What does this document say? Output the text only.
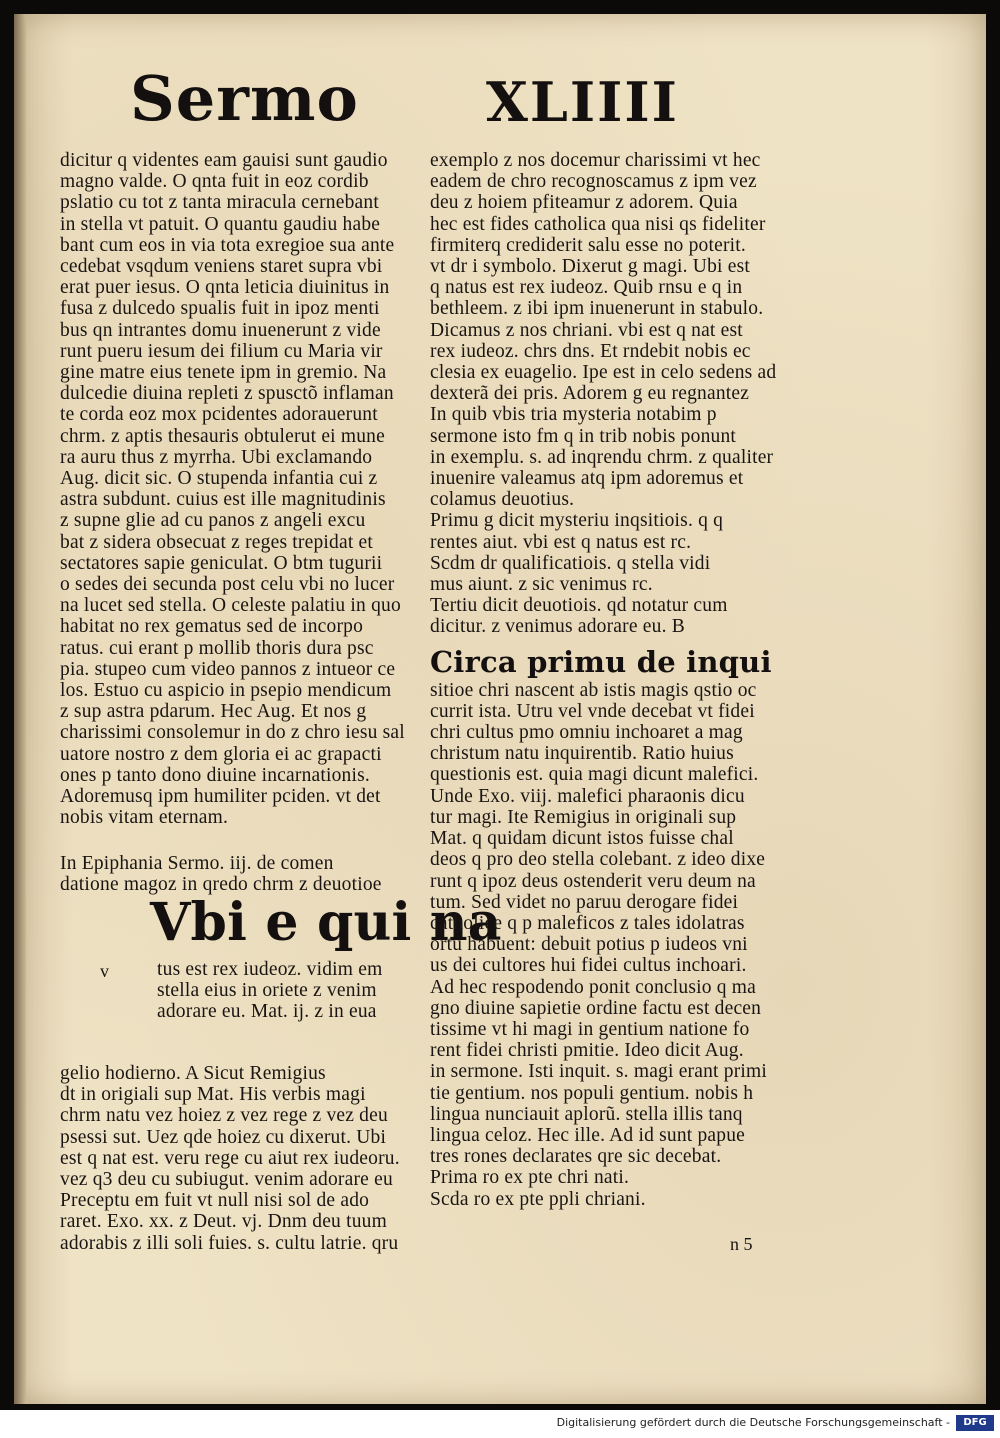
Sermo XLIIII
dicitur q videntes eam gauisi sunt gaudio
magno valde. O qnta fuit in eoz cordib
pslatio cu tot z tanta miracula cernebant
in stella vt patuit. O quantu gaudiu habe
bant cum eos in via tota exregioe sua ante
cedebat vsqdum veniens staret supra vbi
erat puer iesus. O qnta leticia diuinitus in
fusa z dulcedo spualis fuit in ipoz menti
bus qn intrantes domu inuenerunt z vide
runt pueru iesum dei filium cu Maria vir
gine matre eius tenete ipm in gremio. Na
dulcedie diuina repleti z spusctõ inflaman
te corda eoz mox pcidentes adorauerunt
chrm. z aptis thesauris obtulerut ei mune
ra auru thus z myrrha. Ubi exclamando
Aug. dicit sic. O stupenda infantia cui z
astra subdunt. cuius est ille magnitudinis
z supne glie ad cu panos z angeli excu
bat z sidera obsecuat z reges trepidat et
sectatores sapie geniculat. O btm tugurii
o sedes dei secunda post celu vbi no lucer
na lucet sed stella. O celeste palatiu in quo
habitat no rex gematus sed de incorpo
ratus. cui erant p mollib thoris dura psc
pia. stupeo cum video pannos z intueor ce
los. Estuo cu aspicio in psepio mendicum
z sup astra pdarum. Hec Aug. Et nos g
charissimi consolemur in do z chro iesu sal
uatore nostro z dem gloria ei ac grapacti
ones p tanto dono diuine incarnationis.
Adoremusq ipm humiliter pciden. vt det
nobis vitam eternam.
In Epiphania Sermo. iij. de comen
datione magoz in qredo chrm z deuotioe
Vbi e qui na
v tus est rex iudeoz. vidim em
stella eius in oriete z venim
adorare eu. Mat. ij. z in eua
gelio hodierno. A Sicut Remigius
dt in origiali sup Mat. His verbis magi
chrm natu vez hoiez z vez rege z vez deu
psessi sut. Uez qde hoiez cu dixerut. Ubi
est q nat est. veru rege cu aiut rex iudeoru.
vez q3 deu cu subiugut. venim adorare eu
Preceptu em fuit vt null nisi sol de ado
raret. Exo. xx. z Deut. vj. Dnm deu tuum
adorabis z illi soli fuies. s. cultu latrie. qru
exemplo z nos docemur charissimi vt hec
eadem de chro recognoscamus z ipm vez
deu z hoiem pfiteamur z adorem. Quia
hec est fides catholica qua nisi qs fideliter
firmiterq crediderit salu esse no poterit.
vt dr i symbolo. Dixerut g magi. Ubi est
q natus est rex iudeoz. Quib rnsu e q in
bethleem. z ibi ipm inuenerunt in stabulo.
Dicamus z nos chriani. vbi est q nat est
rex iudeoz. chrs dns. Et rndebit nobis ec
clesia ex euagelio. Ipe est in celo sedens ad
dexterã dei pris. Adorem g eu regnantez
In quib vbis tria mysteria notabim p
sermone isto fm q in trib nobis ponunt
in exemplu. s. ad inqrendu chrm. z qualiter
inuenire valeamus atq ipm adoremus et
colamus deuotius.
Primu g dicit mysteriu inqsitiois. q q
rentes aiut. vbi est q natus est rc.
Scdm dr qualificatiois. q stella vidi
mus aiunt. z sic venimus rc.
Tertiu dicit deuotiois. qd notatur cum
dicitur. z venimus adorare eu. B
Circa primu de inqui
sitioe chri nascent ab istis magis qstio oc
currit ista. Utru vel vnde decebat vt fidei
chri cultus pmo omniu inchoaret a mag
christum natu inquirentib. Ratio huius
questionis est. quia magi dicunt malefici.
Unde Exo. viij. malefici pharaonis dicu
tur magi. Ite Remigius in originali sup
Mat. q quidam dicunt istos fuisse chal
deos q pro deo stella colebant. z ideo dixe
runt q ipoz deus ostenderit veru deum na
tum. Sed videt no paruu derogare fidei
catholice q p maleficos z tales idolatras
ortu habuent: debuit potius p iudeos vni
us dei cultores hui fidei cultus inchoari.
Ad hec respodendo ponit conclusio q ma
gno diuine sapietie ordine factu est decen
tissime vt hi magi in gentium natione fo
rent fidei christi pmitie. Ideo dicit Aug.
in sermone. Isti inquit. s. magi erant primi
tie gentium. nos populi gentium. nobis h
lingua nunciauit aplorũ. stella illis tanq
lingua celoz. Hec ille. Ad id sunt papue
tres rones declarates qre sic decebat.
Prima ro ex pte chri nati.
Scda ro ex pte ppli chriani.
n 5
Digitalisierung gefördert durch die Deutsche Forschungsgemeinschaft -	DFG
